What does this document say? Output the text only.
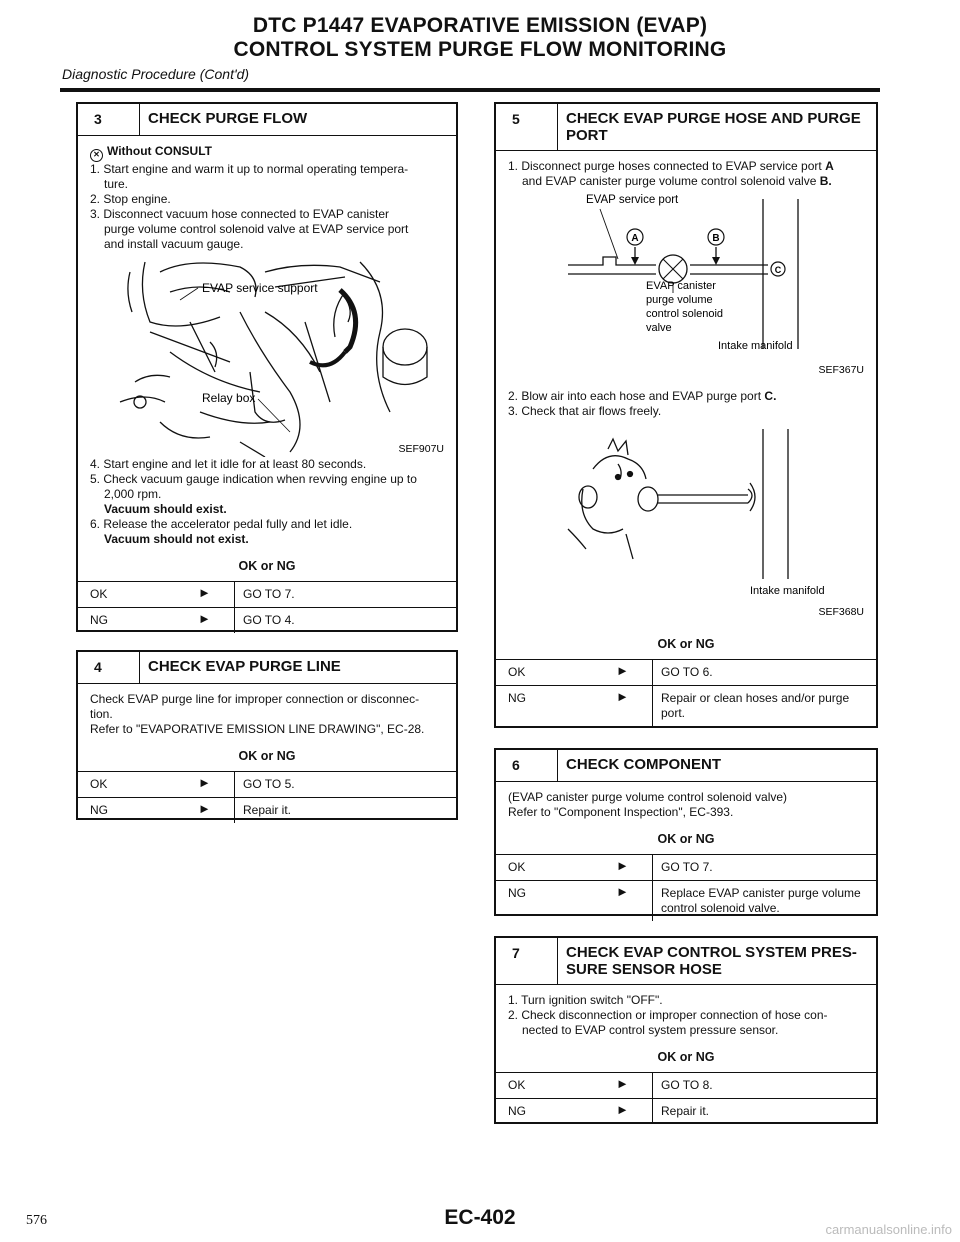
DTC P1447 EVAPORATIVE EMISSION (EVAP)
CONTROL SYSTEM PURGE FLOW MONITORING
Diagnostic Procedure (Cont'd)
3	CHECK PURGE FLOW

✕ Without CONSULT

1. Start engine and warm it up to normal operating tempera-

ture.

2. Stop engine.

3. Disconnect vacuum hose connected to EVAP canister

purge volume control solenoid valve at EVAP service port

and install vacuum gauge.

EVAP service support
Relay box
SEF907U

4. Start engine and let it idle for at least 80 seconds.

5. Check vacuum gauge indication when revving engine up to

2,000 rpm.

Vacuum should exist.

6. Release the accelerator pedal fully and let idle.

Vacuum should not exist.

OK or NG
OK	►	GO TO 7.
NG	►	GO TO 4.
4	CHECK EVAP PURGE LINE

Check EVAP purge line for improper connection or disconnec-

tion.

Refer to "EVAPORATIVE EMISSION LINE DRAWING", EC-28.

OK or NG
OK	►	GO TO 5.
NG	►	Repair it.
5	CHECK EVAP PURGE HOSE AND PURGE
PORT

1. Disconnect purge hoses connected to EVAP service port A

and EVAP canister purge volume control solenoid valve B.

EVAP service port
A	B
C
EVAP canister
purge volume
control solenoid
valve
Intake manifold
SEF367U

2. Blow air into each hose and EVAP purge port C.

3. Check that air flows freely.

Intake manifold
SEF368U
OK or NG
OK	►	GO TO 6.
NG	►	Repair or clean hoses and/or purge port.
6	CHECK COMPONENT

(EVAP canister purge volume control solenoid valve)

Refer to "Component Inspection", EC-393.

OK or NG
OK	►	GO TO 7.
NG	►	Replace EVAP canister purge volume control solenoid valve.
7	CHECK EVAP CONTROL SYSTEM PRES-
SURE SENSOR HOSE

1. Turn ignition switch "OFF".

2. Check disconnection or improper connection of hose con-

nected to EVAP control system pressure sensor.

OK or NG
OK	►	GO TO 8.
NG	►	Repair it.
576	EC-402
carmanualsonline.info
